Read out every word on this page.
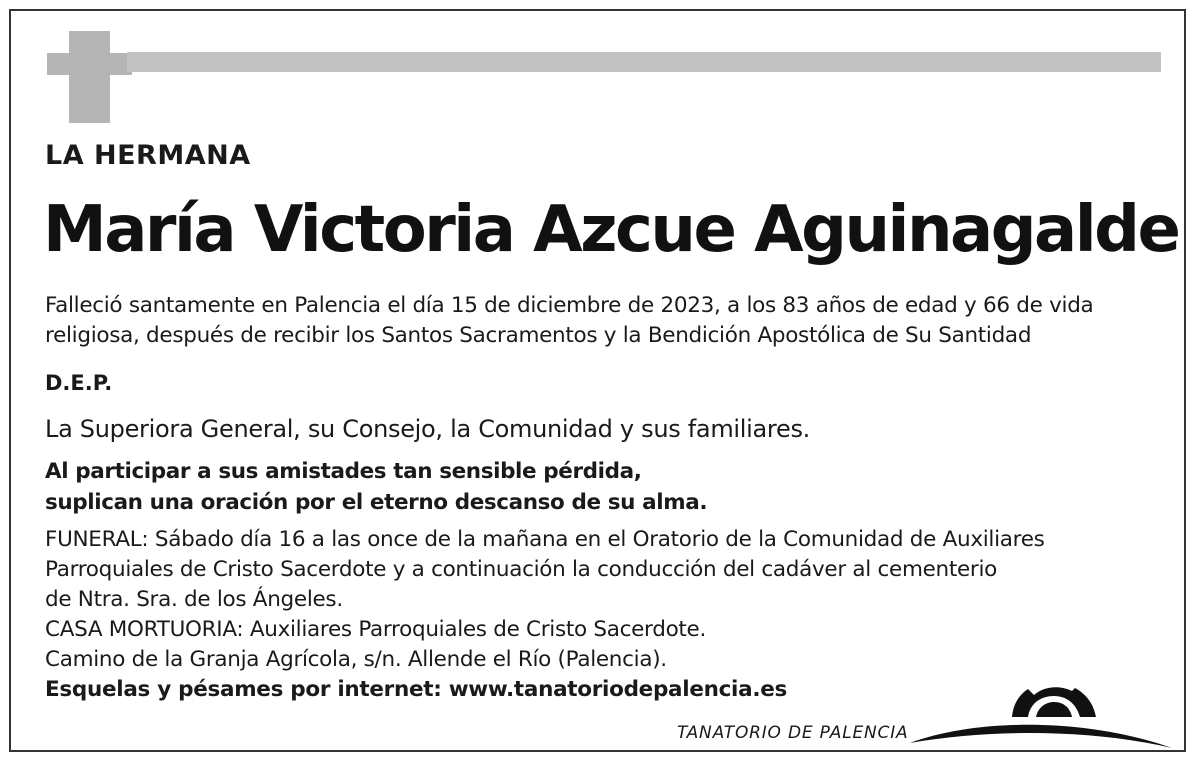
LA HERMANA
María Victoria Azcue Aguinagalde
Falleció santamente en Palencia el día 15 de diciembre de 2023, a los 83 años de edad y 66 de vida
religiosa, después de recibir los Santos Sacramentos y la Bendición Apostólica de Su Santidad
D.E.P.
La Superiora General, su Consejo, la Comunidad y sus familiares.
Al participar a sus amistades tan sensible pérdida,
suplican una oración por el eterno descanso de su alma.
FUNERAL: Sábado día 16 a las once de la mañana en el Oratorio de la Comunidad de Auxiliares
Parroquiales de Cristo Sacerdote y a continuación la conducción del cadáver al cementerio
de Ntra. Sra. de los Ángeles.
CASA MORTUORIA: Auxiliares Parroquiales de Cristo Sacerdote.
Camino de la Granja Agrícola, s/n. Allende el Río (Palencia).
Esquelas y pésames por internet: www.tanatoriodepalencia.es
TANATORIO DE PALENCIA
